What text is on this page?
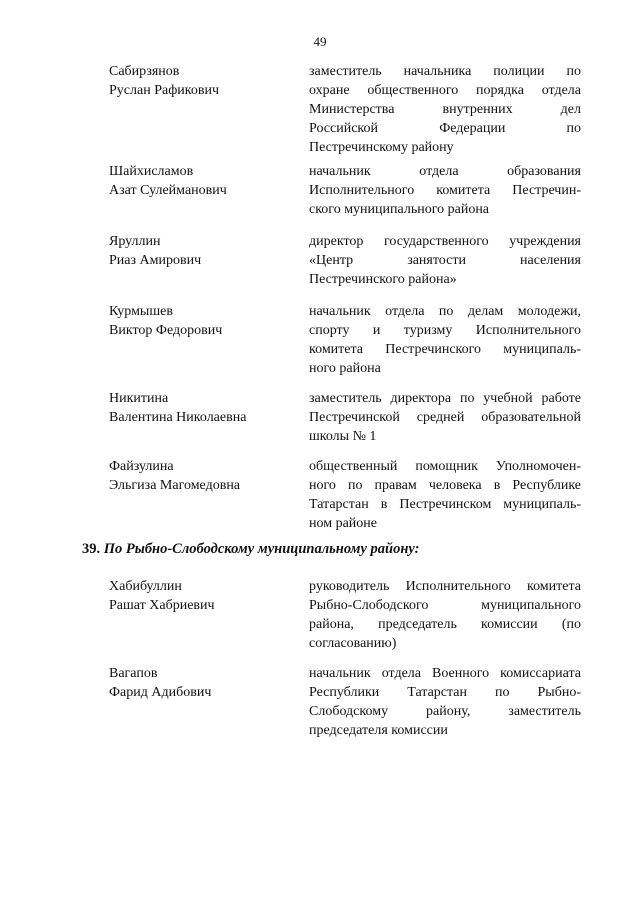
49
Сабирзянов
Руслан Рафикович
заместитель начальника полиции по
охране общественного порядка отдела
Министерства внутренних дел
Российской Федерации по
Пестречинскому району
Шайхисламов
Азат Сулейманович
начальник отдела образования
Исполнительного комитета Пестречин-
ского муниципального района
Яруллин
Риаз Амирович
директор государственного учреждения
«Центр занятости населения
Пестречинского района»
Курмышев
Виктор Федорович
начальник отдела по делам молодежи,
спорту и туризму Исполнительного
комитета Пестречинского муниципаль-
ного района
Никитина
Валентина Николаевна
заместитель директора по учебной работе
Пестречинской средней образовательной
школы № 1
Файзулина
Эльгиза Магомедовна
общественный помощник Уполномочен-
ного по правам человека в Республике
Татарстан в Пестречинском муниципаль-
ном районе
39. По Рыбно-Слободскому муниципальному району:
Хабибуллин
Рашат Хабриевич
руководитель Исполнительного комитета
Рыбно-Слободского муниципального
района, председатель комиссии (по
согласованию)
Вагапов
Фарид Адибович
начальник отдела Военного комиссариата
Республики Татарстан по Рыбно-
Слободскому району, заместитель
председателя комиссии
